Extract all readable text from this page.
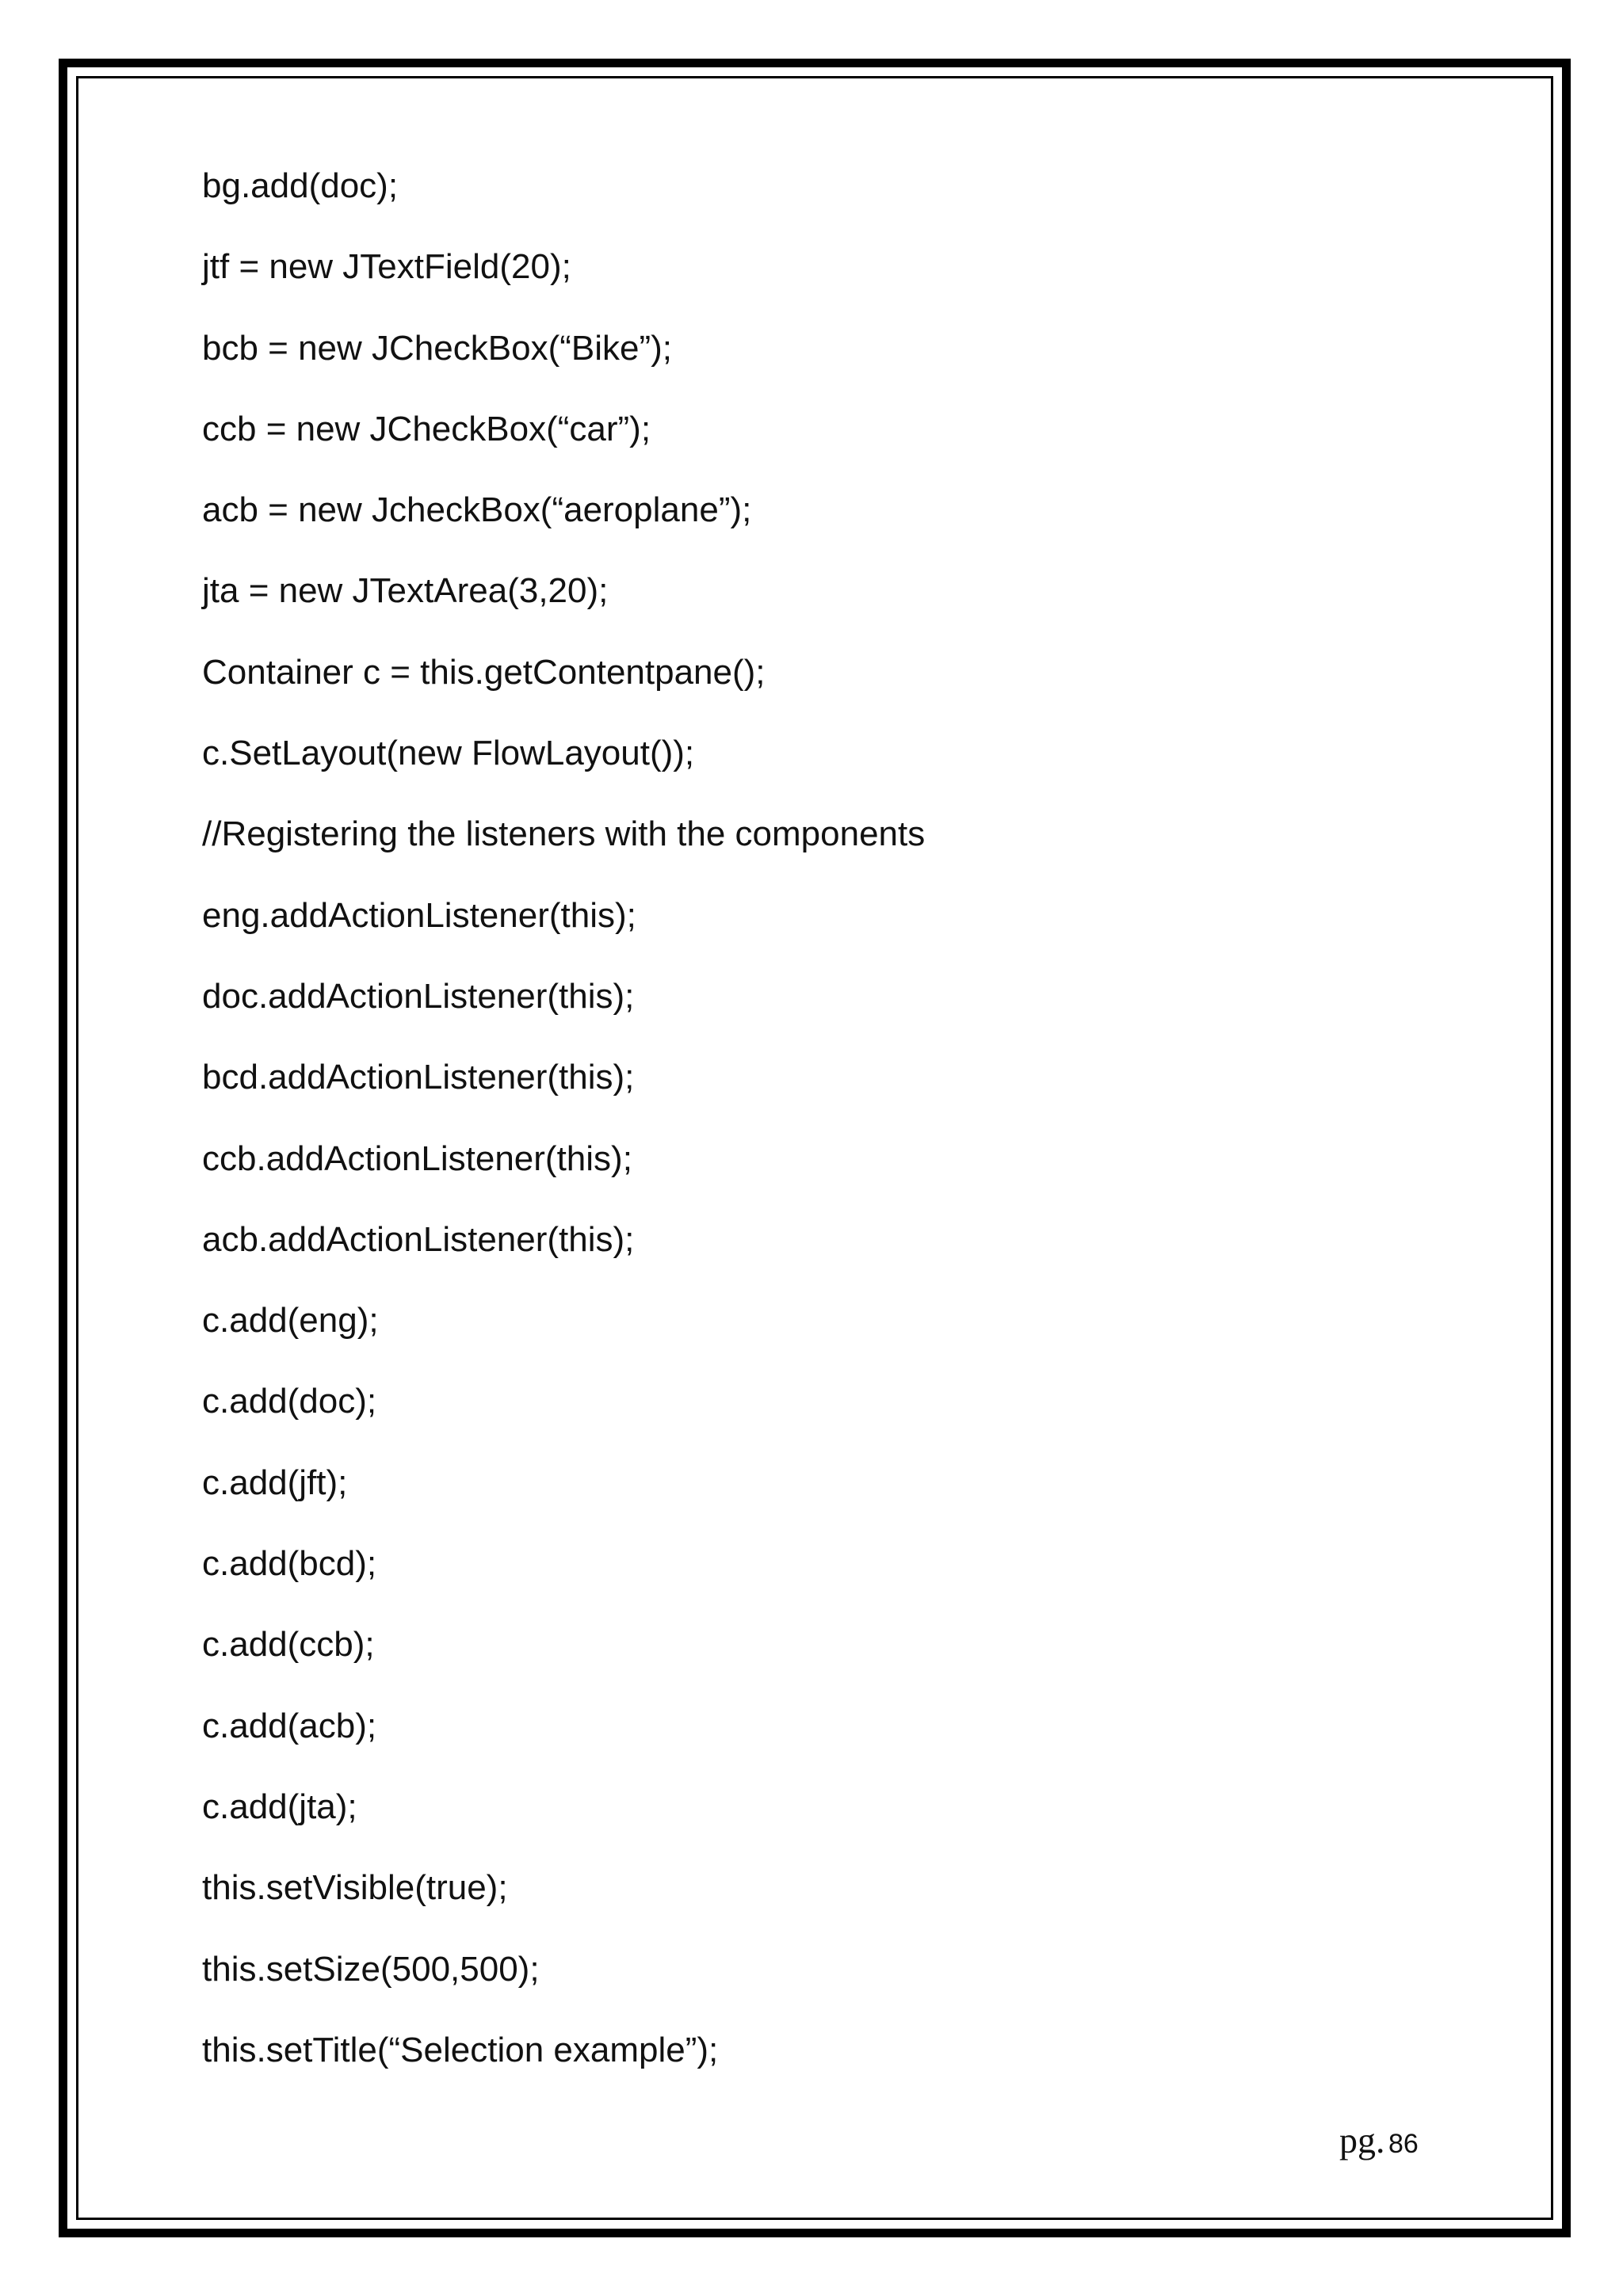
bg.add(doc);
jtf = new JTextField(20);
bcb = new JCheckBox(“Bike”);
ccb = new JCheckBox(“car”);
acb = new JcheckBox(“aeroplane”);
jta = new JTextArea(3,20);
Container c = this.getContentpane();
c.SetLayout(new FlowLayout());
//Registering the listeners with the components
eng.addActionListener(this);
doc.addActionListener(this);
bcd.addActionListener(this);
ccb.addActionListener(this);
acb.addActionListener(this);
c.add(eng);
c.add(doc);
c.add(jft);
c.add(bcd);
c.add(ccb);
c.add(acb);
c.add(jta);
this.setVisible(true);
this.setSize(500,500);
this.setTitle(“Selection example”);
pg. 86
